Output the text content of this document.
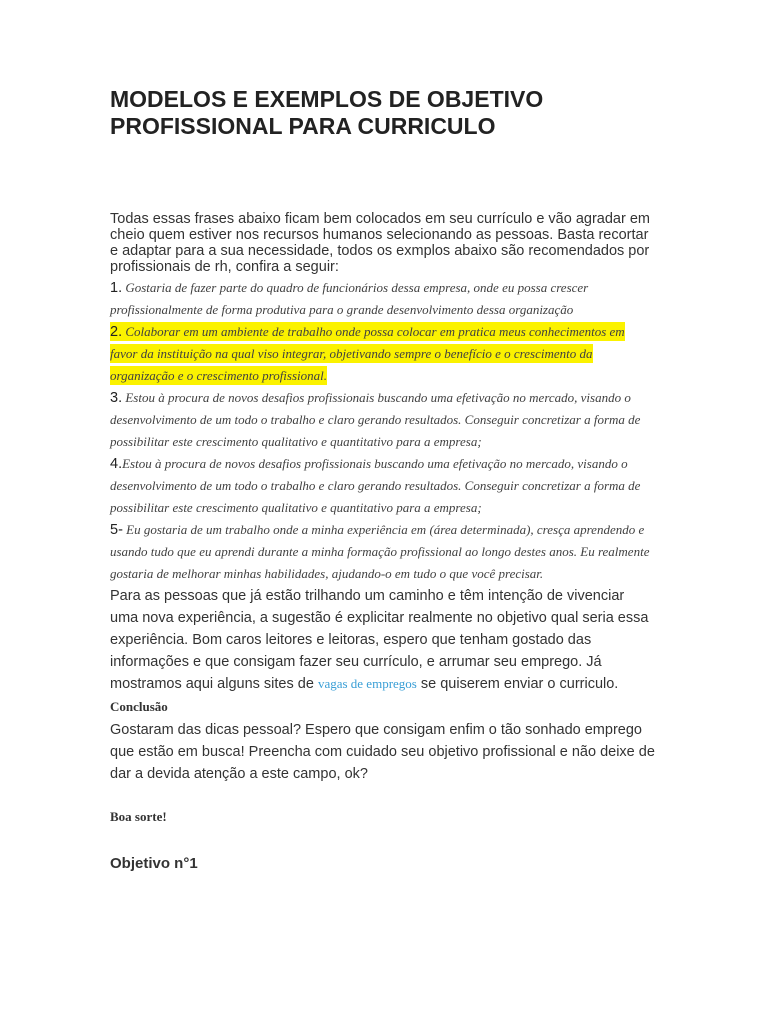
MODELOS E EXEMPLOS DE OBJETIVO PROFISSIONAL PARA CURRICULO
Todas essas frases abaixo ficam bem colocados em seu currículo e vão agradar em cheio quem estiver nos recursos humanos selecionando as pessoas. Basta recortar e adaptar para a sua necessidade, todos os exmplos abaixo são recomendados por profissionais de rh, confira a seguir:
1. Gostaria de fazer parte do quadro de funcionários dessa empresa, onde eu possa crescer profissionalmente de forma produtiva para o grande desenvolvimento dessa organização
2. Colaborar em um ambiente de trabalho onde possa colocar em pratica meus conhecimentos em favor da instituição na qual viso integrar, objetivando sempre o benefício e o crescimento da organização e o crescimento profissional.
3. Estou à procura de novos desafios profissionais buscando uma efetivação no mercado, visando o desenvolvimento de um todo o trabalho e claro gerando resultados. Conseguir concretizar a forma de possibilitar este crescimento qualitativo e quantitativo para a empresa;
4.Estou à procura de novos desafios profissionais buscando uma efetivação no mercado, visando o desenvolvimento de um todo o trabalho e claro gerando resultados. Conseguir concretizar a forma de possibilitar este crescimento qualitativo e quantitativo para a empresa;
5- Eu gostaria de um trabalho onde a minha experiência em (área determinada), cresça aprendendo e usando tudo que eu aprendi durante a minha formação profissional ao longo destes anos. Eu realmente gostaria de melhorar minhas habilidades, ajudando-o em tudo o que você precisar.
Para as pessoas que já estão trilhando um caminho e têm intenção de vivenciar uma nova experiência, a sugestão é explicitar realmente no objetivo qual seria essa experiência. Bom caros leitores e leitoras, espero que tenham gostado das informações e que consigam fazer seu currículo, e arrumar seu emprego. Já mostramos aqui alguns sites de vagas de empregos se quiserem enviar o curriculo.
Conclusão
Gostaram das dicas pessoal? Espero que consigam enfim o tão sonhado emprego que estão em busca! Preencha com cuidado seu objetivo profissional e não deixe de dar a devida atenção a este campo, ok?
Boa sorte!
Objetivo n°1
